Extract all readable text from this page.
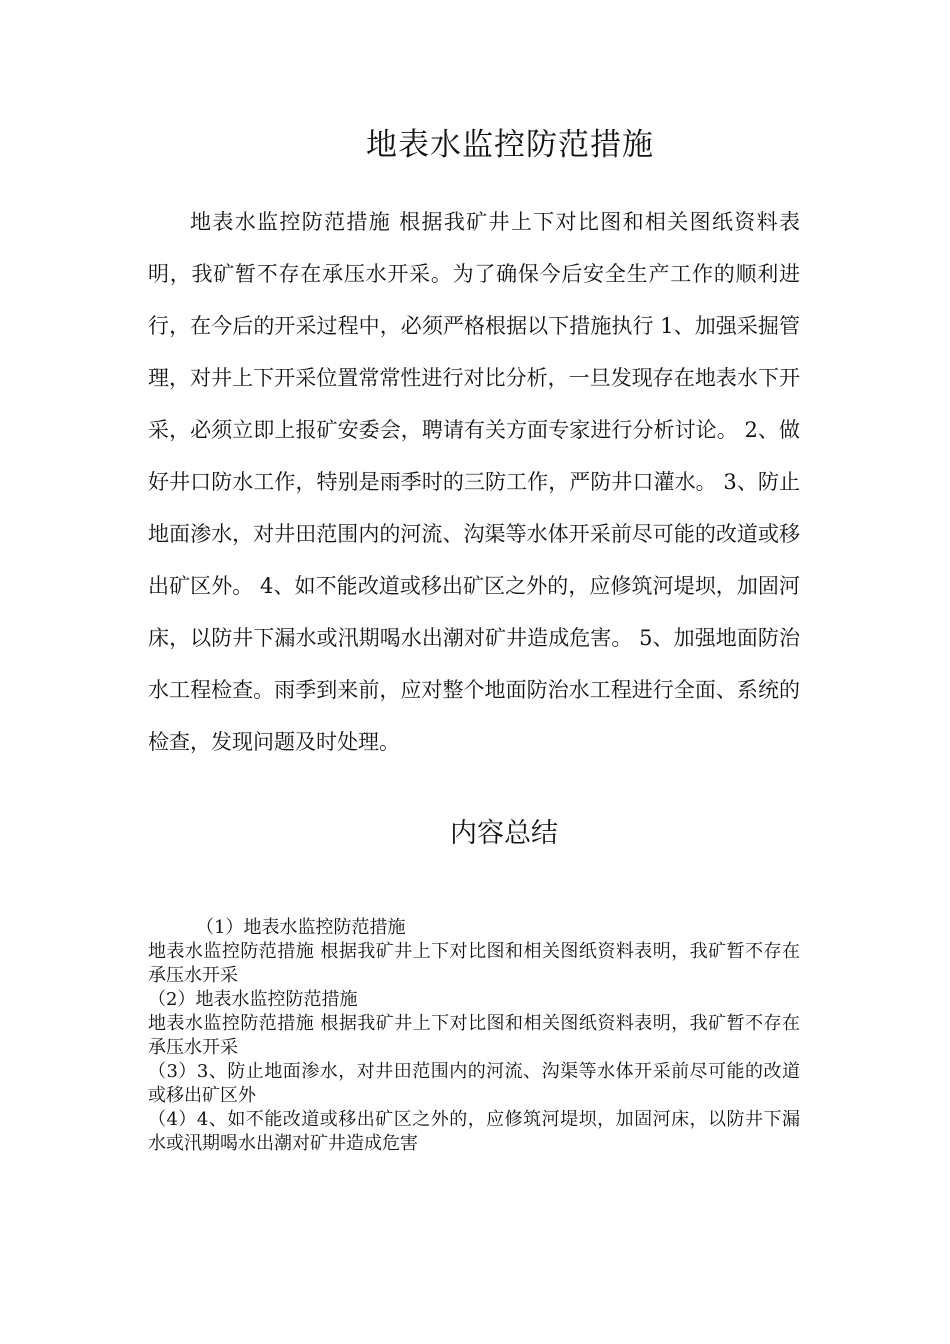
地表水监控防范措施

地表水监控防范措施 根据我矿井上下对比图和相关图纸资料表明，我矿暂不存在承压水开采。为了确保今后安全生产工作的顺利进行，在今后的开采过程中，必须严格根据以下措施执行 1、加强采掘管理，对井上下开采位置常常性进行对比分析，一旦发现存在地表水下开采，必须立即上报矿安委会，聘请有关方面专家进行分析讨论。 2、做好井口防水工作，特别是雨季时的三防工作，严防井口灌水。 3、防止地面渗水，对井田范围内的河流、沟渠等水体开采前尽可能的改道或移出矿区外。 4、如不能改道或移出矿区之外的，应修筑河堤坝，加固河床，以防井下漏水或汛期喝水出潮对矿井造成危害。 5、加强地面防治水工程检查。雨季到来前，应对整个地面防治水工程进行全面、系统的检查，发现问题及时处理。

内容总结

（1）地表水监控防范措施

地表水监控防范措施 根据我矿井上下对比图和相关图纸资料表明，我矿暂不存在承压水开采

（2）地表水监控防范措施

地表水监控防范措施 根据我矿井上下对比图和相关图纸资料表明，我矿暂不存在承压水开采

（3）3、防止地面渗水，对井田范围内的河流、沟渠等水体开采前尽可能的改道或移出矿区外

（4）4、如不能改道或移出矿区之外的，应修筑河堤坝，加固河床，以防井下漏水或汛期喝水出潮对矿井造成危害
